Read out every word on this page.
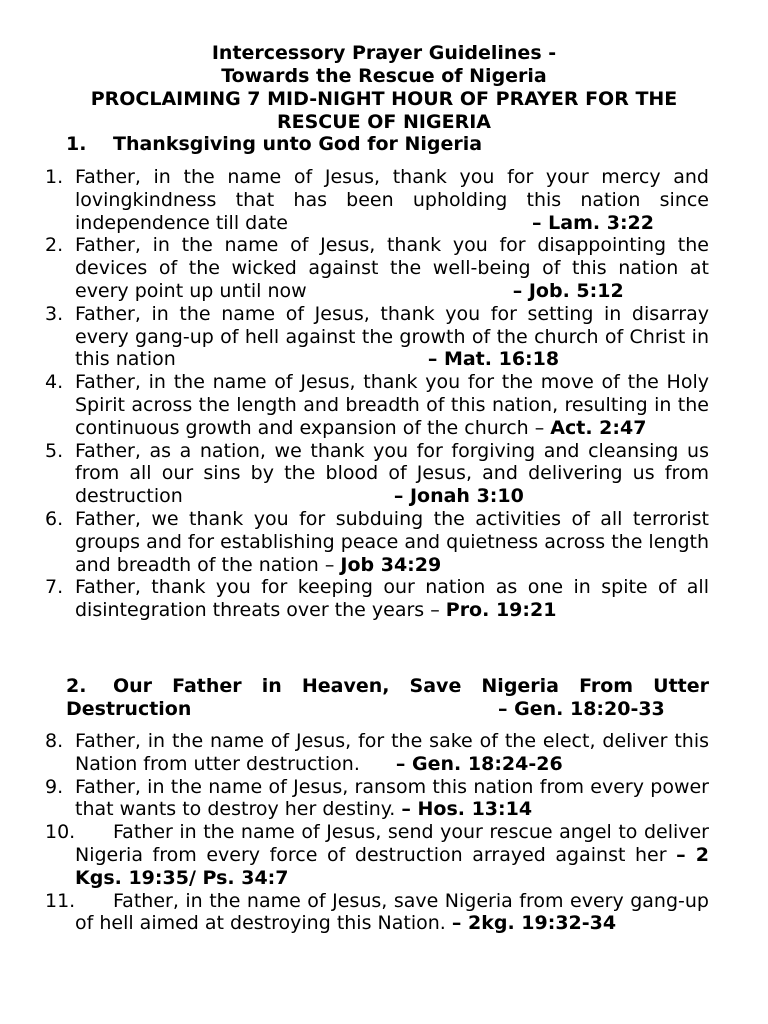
Intercessory Prayer Guidelines -
Towards the Rescue of Nigeria
PROCLAIMING 7 MID-NIGHT HOUR OF PRAYER FOR THE
RESCUE OF NIGERIA
1. Thanksgiving unto God for Nigeria
1. Father, in the name of Jesus, thank you for your mercy and lovingkindness that has been upholding this nation since independence till date	– Lam. 3:22
2. Father, in the name of Jesus, thank you for disappointing the devices of the wicked against the well-being of this nation at every point up until now	– Job. 5:12
3. Father, in the name of Jesus, thank you for setting in disarray every gang-up of hell against the growth of the church of Christ in this nation	– Mat. 16:18
4. Father, in the name of Jesus, thank you for the move of the Holy Spirit across the length and breadth of this nation, resulting in the continuous growth and expansion of the church – Act. 2:47
5. Father, as a nation, we thank you for forgiving and cleansing us from all our sins by the blood of Jesus, and delivering us from destruction	– Jonah 3:10
6. Father, we thank you for subduing the activities of all terrorist groups and for establishing peace and quietness across the length and breadth of the nation – Job 34:29
7. Father, thank you for keeping our nation as one in spite of all disintegration threats over the years – Pro. 19:21
2. Our Father in Heaven, Save Nigeria From Utter Destruction	– Gen. 18:20-33
8. Father, in the name of Jesus, for the sake of the elect, deliver this Nation from utter destruction. – Gen. 18:24-26
9. Father, in the name of Jesus, ransom this nation from every power that wants to destroy her destiny. – Hos. 13:14
10.	Father in the name of Jesus, send your rescue angel to deliver Nigeria from every force of destruction arrayed against her – 2 Kgs. 19:35/ Ps. 34:7
11.	Father, in the name of Jesus, save Nigeria from every gang-up of hell aimed at destroying this Nation. – 2kg. 19:32-34
